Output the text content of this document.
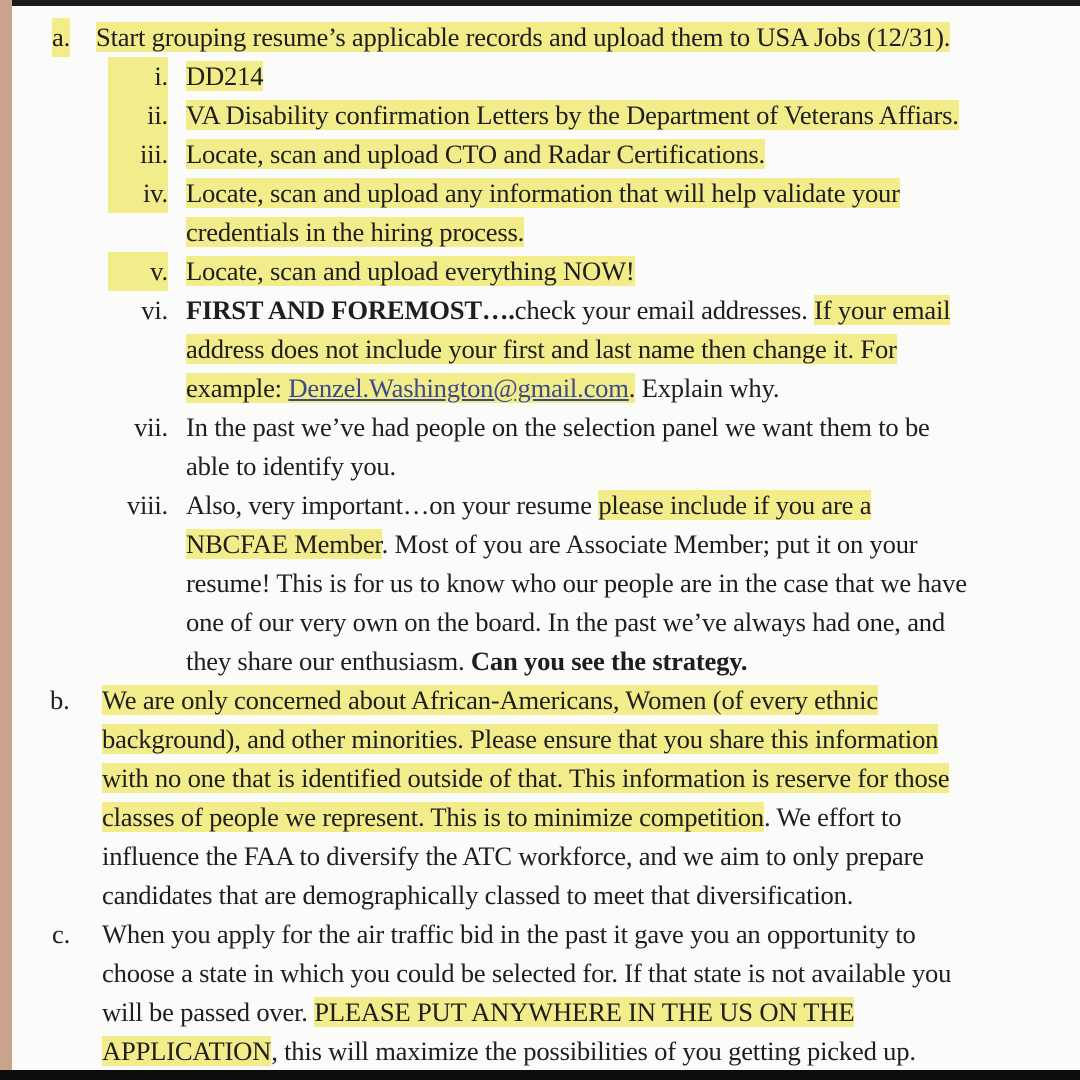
a. Start grouping resume’s applicable records and upload them to USA Jobs (12/31).
i. DD214
ii. VA Disability confirmation Letters by the Department of Veterans Affiars.
iii. Locate, scan and upload CTO and Radar Certifications.
iv. Locate, scan and upload any information that will help validate your
credentials in the hiring process.
v. Locate, scan and upload everything NOW!
vi. FIRST AND FOREMOST….check your email addresses. If your email
address does not include your first and last name then change it. For
example: Denzel.Washington@gmail.com. Explain why.
vii. In the past we’ve had people on the selection panel we want them to be
able to identify you.
viii. Also, very important…on your resume please include if you are a
NBCFAE Member. Most of you are Associate Member; put it on your
resume! This is for us to know who our people are in the case that we have
one of our very own on the board. In the past we’ve always had one, and
they share our enthusiasm. Can you see the strategy.
b. We are only concerned about African-Americans, Women (of every ethnic
background), and other minorities. Please ensure that you share this information
with no one that is identified outside of that. This information is reserve for those
classes of people we represent. This is to minimize competition. We effort to
influence the FAA to diversify the ATC workforce, and we aim to only prepare
candidates that are demographically classed to meet that diversification.
c. When you apply for the air traffic bid in the past it gave you an opportunity to
choose a state in which you could be selected for. If that state is not available you
will be passed over. PLEASE PUT ANYWHERE IN THE US ON THE
APPLICATION, this will maximize the possibilities of you getting picked up.
